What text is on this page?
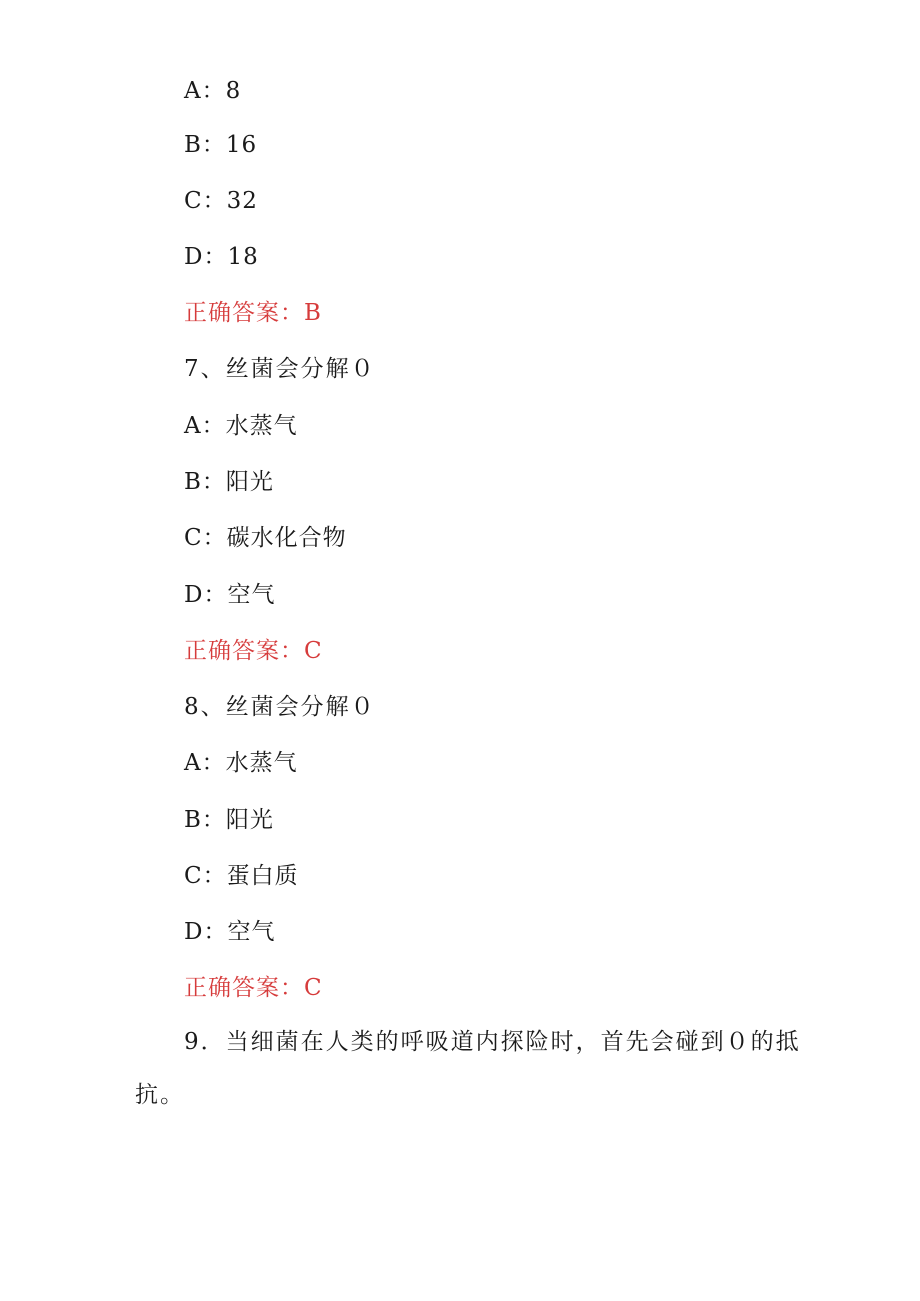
A：8
B：16
C：32
D：18
正确答案：B
7、丝菌会分解０
A：水蒸气
B：阳光
C：碳水化合物
D：空气
正确答案：C
8、丝菌会分解０
A：水蒸气
B：阳光
C：蛋白质
D：空气
正确答案：C
9．当细菌在人类的呼吸道内探险时，首先会碰到０的抵
抗。
